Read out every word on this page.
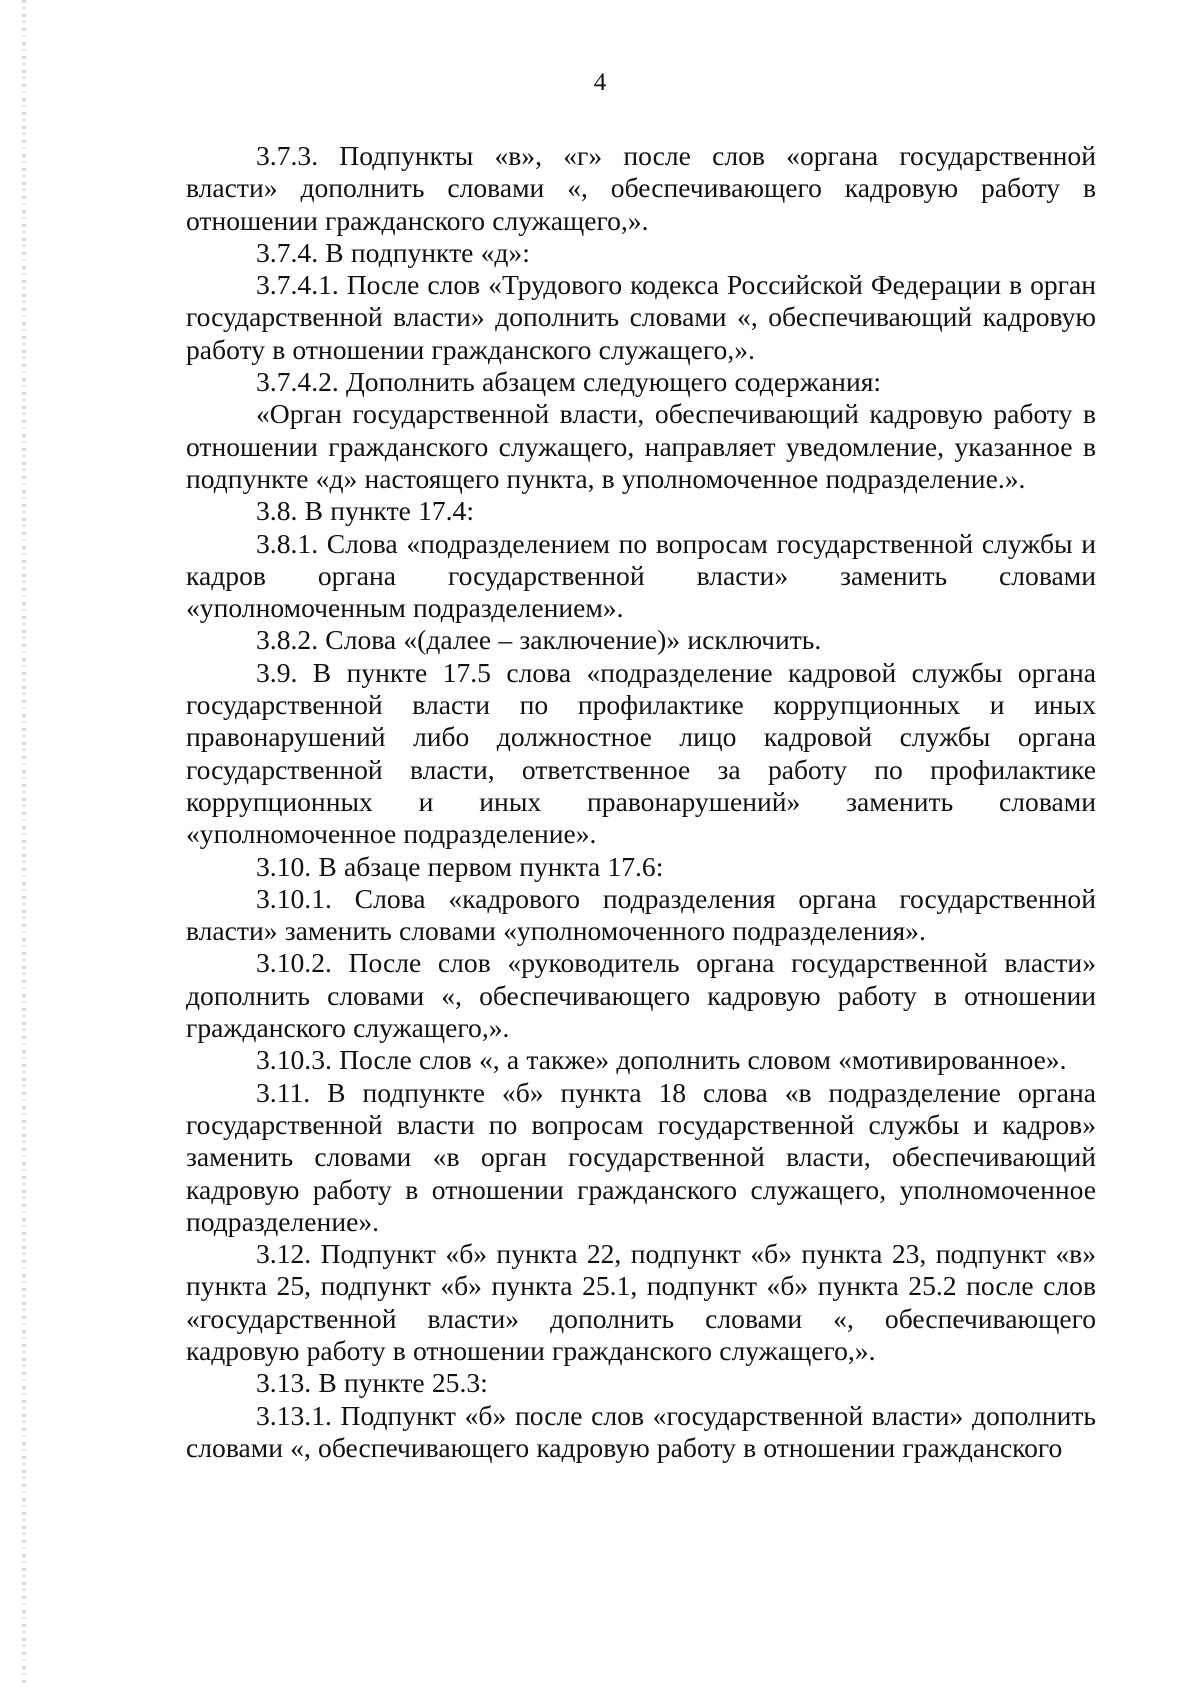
4

3.7.3. Подпункты «в», «г» после слов «органа государственной власти» дополнить словами «, обеспечивающего кадровую работу в отношении гражданского служащего,».

3.7.4. В подпункте «д»:

3.7.4.1. После слов «Трудового кодекса Российской Федерации в орган государственной власти» дополнить словами «, обеспечивающий кадровую работу в отношении гражданского служащего,».

3.7.4.2. Дополнить абзацем следующего содержания:

«Орган государственной власти, обеспечивающий кадровую работу в отношении гражданского служащего, направляет уведомление, указанное в подпункте «д» настоящего пункта, в уполномоченное подразделение.».

3.8. В пункте 17.4:

3.8.1. Слова «подразделением по вопросам государственной службы и кадров органа государственной власти» заменить словами «уполномоченным подразделением».

3.8.2. Слова «(далее – заключение)» исключить.

3.9. В пункте 17.5 слова «подразделение кадровой службы органа государственной власти по профилактике коррупционных и иных правонарушений либо должностное лицо кадровой службы органа государственной власти, ответственное за работу по профилактике коррупционных и иных правонарушений» заменить словами «уполномоченное подразделение».

3.10. В абзаце первом пункта 17.6:

3.10.1. Слова «кадрового подразделения органа государственной власти» заменить словами «уполномоченного подразделения».

3.10.2. После слов «руководитель органа государственной власти» дополнить словами «, обеспечивающего кадровую работу в отношении гражданского служащего,».

3.10.3. После слов «, а также» дополнить словом «мотивированное».

3.11. В подпункте «б» пункта 18 слова «в подразделение органа государственной власти по вопросам государственной службы и кадров» заменить словами «в орган государственной власти, обеспечивающий кадровую работу в отношении гражданского служащего, уполномоченное подразделение».

3.12. Подпункт «б» пункта 22, подпункт «б» пункта 23, подпункт «в» пункта 25, подпункт «б» пункта 25.1, подпункт «б» пункта 25.2 после слов «государственной власти» дополнить словами «, обеспечивающего кадровую работу в отношении гражданского служащего,».

3.13. В пункте 25.3:

3.13.1. Подпункт «б» после слов «государственной власти» дополнить словами «, обеспечивающего кадровую работу в отношении гражданского
